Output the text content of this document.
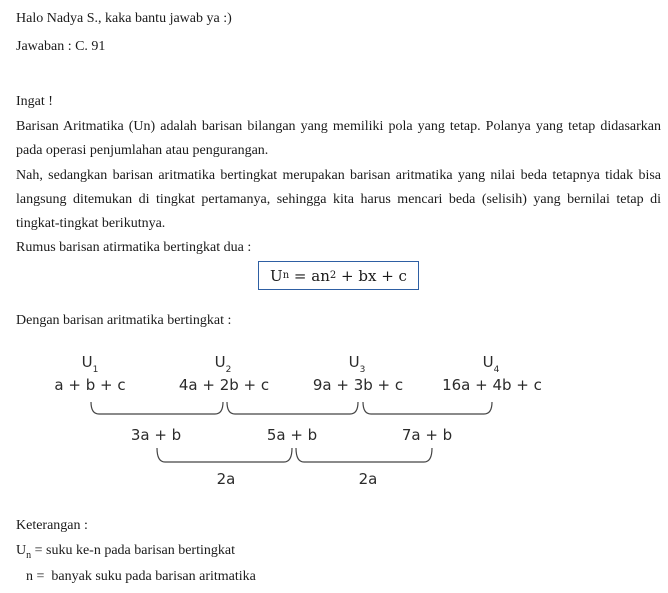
Halo Nadya S., kaka bantu jawab ya :)
Jawaban : C. 91
Ingat !
Barisan Aritmatika (Un) adalah barisan bilangan yang memiliki pola yang tetap. Polanya yang tetap didasarkan
pada operasi penjumlahan atau pengurangan.
Nah, sedangkan barisan aritmatika bertingkat merupakan barisan aritmatika yang nilai beda tetapnya tidak bisa
langsung ditemukan di tingkat pertamanya, sehingga kita harus mencari beda (selisih) yang bernilai tetap di
tingkat-tingkat berikutnya.
Rumus barisan atirmatika bertingkat dua :
U n = an 2 + bx + c
Dengan barisan aritmatika bertingkat :
$U_1$	$U_2$	$U_3$	$U_4$
a + b + c	4a + 2b + c	9a + 3b + c	16a + 4b + c
3a + b	5a + b	7a + b
2a	2a
Keterangan :
$U_n$ = suku ke-n pada barisan bertingkat
n =  banyak suku pada barisan aritmatika
